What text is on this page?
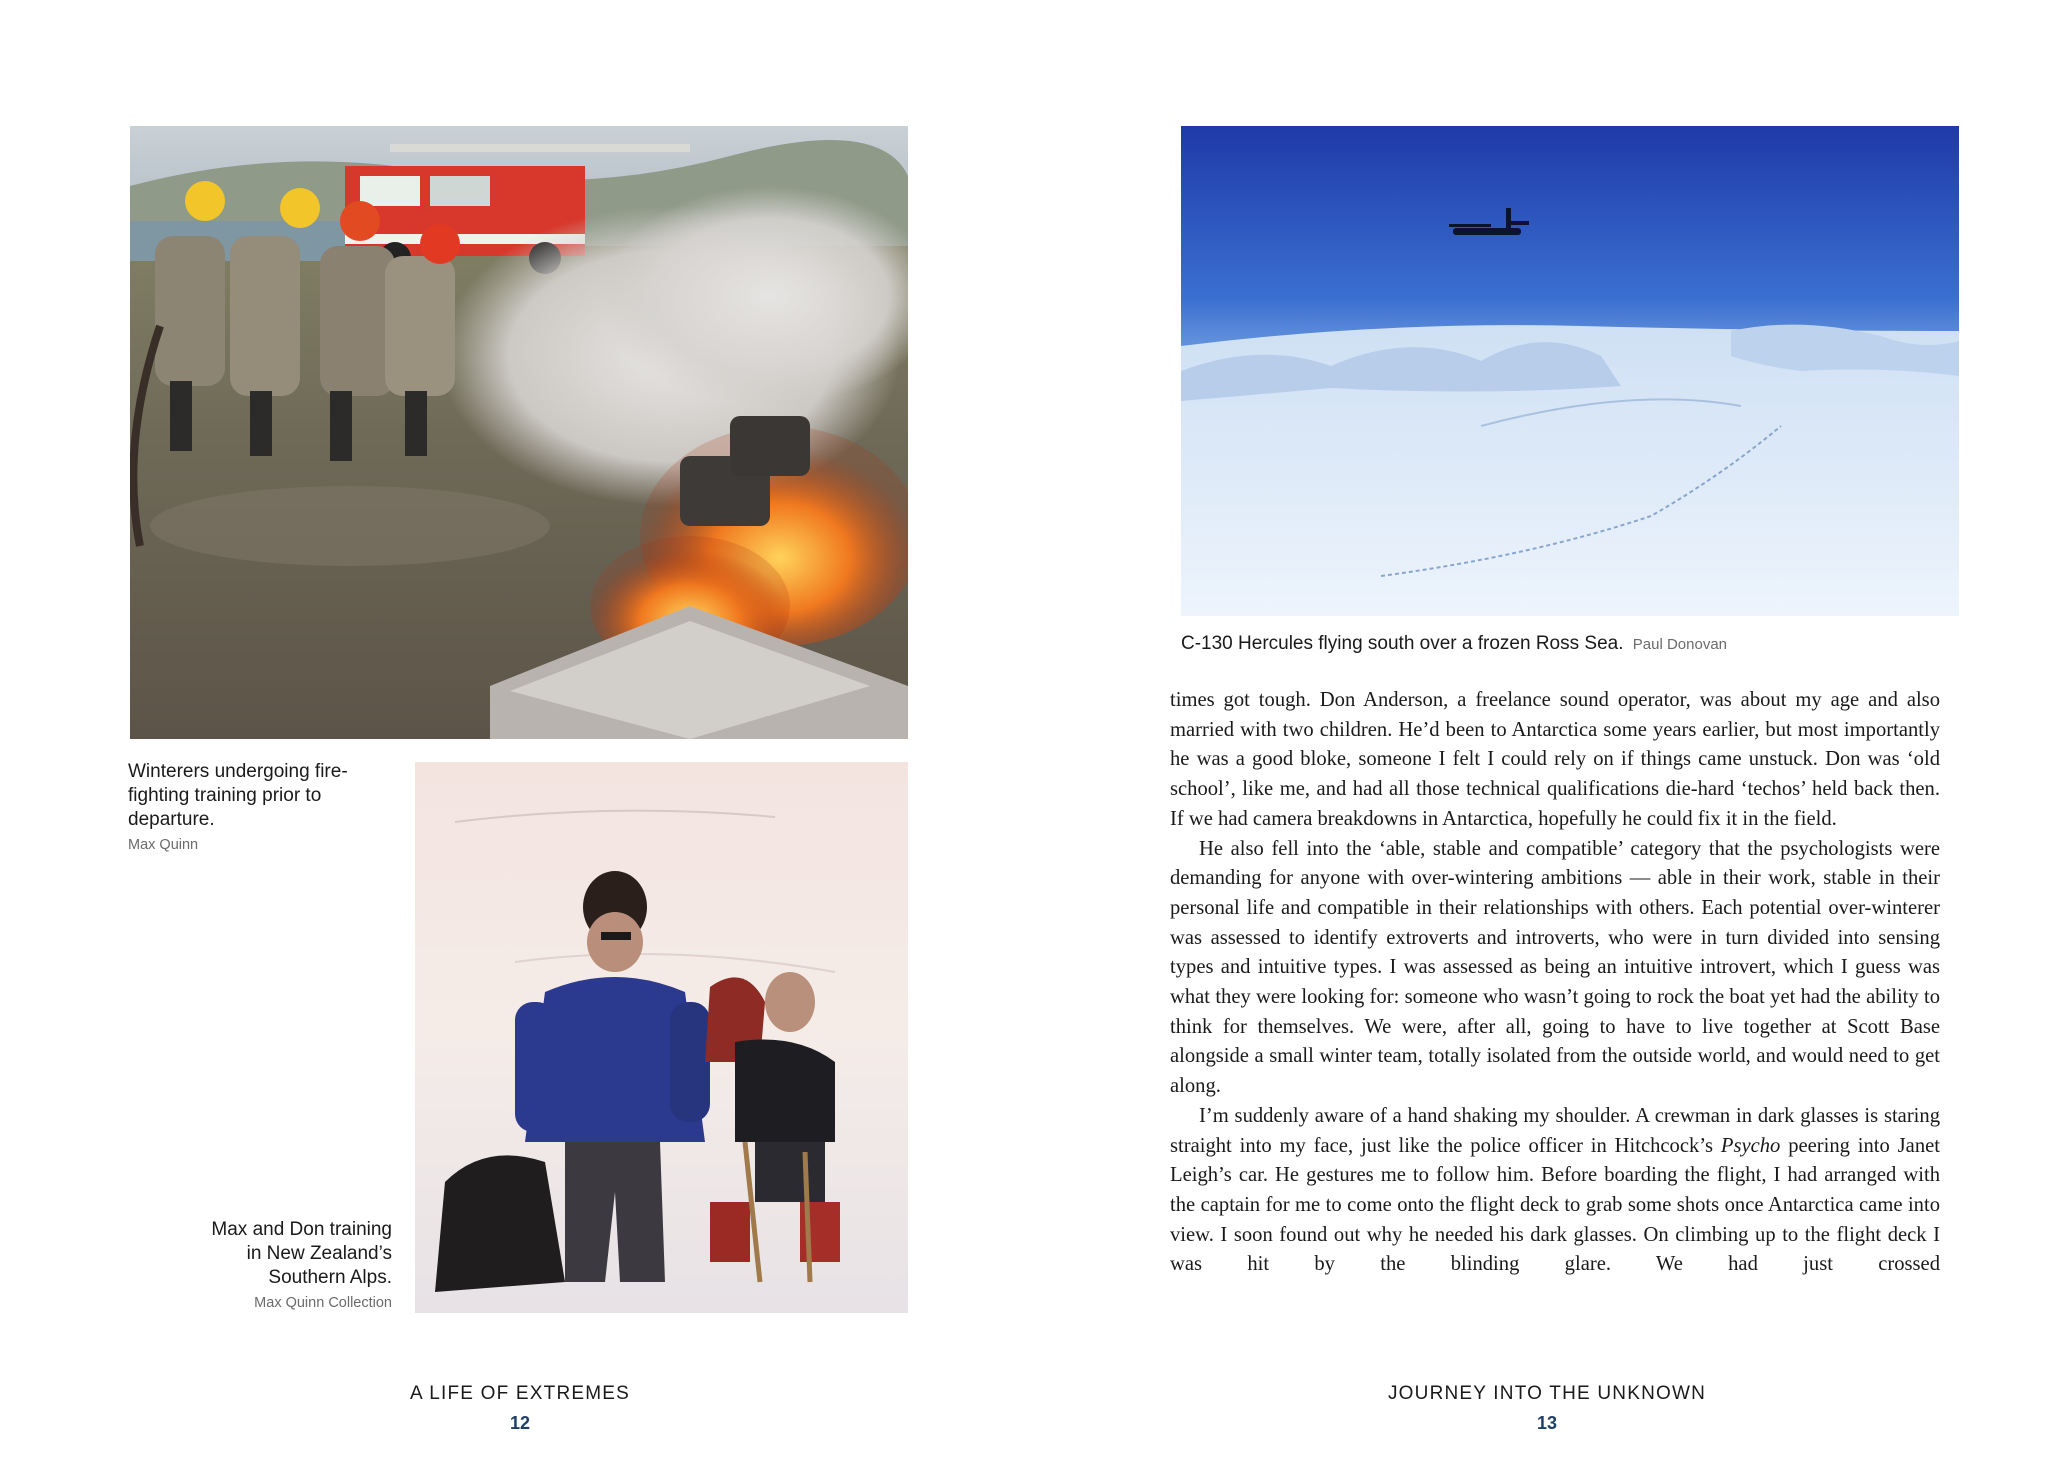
Winterers undergoing fire-fighting training prior to departure.
Max Quinn
Max and Don training
in New Zealand’s
Southern Alps.
Max Quinn Collection
A LIFE OF EXTREMES
12
C-130 Hercules flying south over a frozen Ross Sea. Paul Donovan

times got tough. Don Anderson, a freelance sound operator, was about my age and also married with two children. He’d been to Antarctica some years earlier, but most importantly he was a good bloke, someone I felt I could rely on if things came unstuck. Don was ‘old school’, like me, and had all those technical qualifications die-hard ‘techos’ held back then. If we had camera breakdowns in Antarctica, hopefully he could fix it in the field.

He also fell into the ‘able, stable and compatible’ category that the psychologists were demanding for anyone with over-wintering ambitions — able in their work, stable in their personal life and compatible in their relationships with others. Each potential over-winterer was assessed to identify extroverts and introverts, who were in turn divided into sensing types and intuitive types. I was assessed as being an intuitive introvert, which I guess was what they were looking for: someone who wasn’t going to rock the boat yet had the ability to think for themselves. We were, after all, going to have to live together at Scott Base alongside a small winter team, totally isolated from the outside world, and would need to get along.

I’m suddenly aware of a hand shaking my shoulder. A crewman in dark glasses is staring straight into my face, just like the police officer in Hitchcock’s Psycho peering into Janet Leigh’s car. He gestures me to follow him. Before boarding the flight, I had arranged with the captain for me to come onto the flight deck to grab some shots once Antarctica came into view. I soon found out why he needed his dark glasses. On climbing up to the flight deck I was hit by the blinding glare. We had just crossed

JOURNEY INTO THE UNKNOWN
13
